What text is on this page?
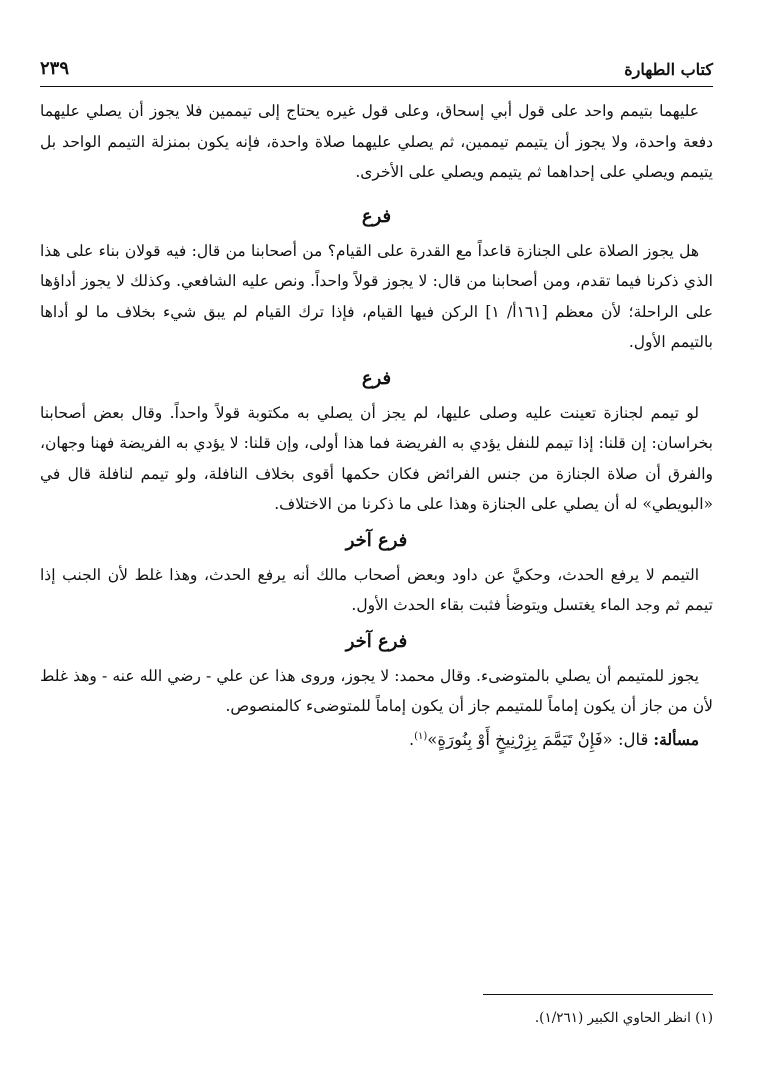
كتاب الطهارة
٢٣٩

عليهما بتيمم واحد على قول أبي إسحاق، وعلى قول غيره يحتاج إلى تيممين فلا يجوز أن يصلي عليهما دفعة واحدة، ولا يجوز أن يتيمم تيممين، ثم يصلي عليهما صلاة واحدة، فإنه يكون بمنزلة التيمم الواحد بل يتيمم ويصلي على إحداهما ثم يتيمم ويصلي على الأخرى.

فرع

هل يجوز الصلاة على الجنازة قاعداً مع القدرة على القيام؟ من أصحابنا من قال: فيه قولان بناء على هذا الذي ذكرنا فيما تقدم، ومن أصحابنا من قال: لا يجوز قولاً واحداً. ونص عليه الشافعي. وكذلك لا يجوز أداؤها على الراحلة؛ لأن معظم [١٦١أ/ ١] الركن فيها القيام، فإذا ترك القيام لم يبق شيء بخلاف ما لو أداها بالتيمم الأول.

فرع

لو تيمم لجنازة تعينت عليه وصلى عليها، لم يجز أن يصلي به مكتوبة قولاً واحداً. وقال بعض أصحابنا بخراسان: إن قلنا: إذا تيمم للنفل يؤدي به الفريضة فما هذا أولى، وإن قلنا: لا يؤدي به الفريضة فهنا وجهان، والفرق أن صلاة الجنازة من جنس الفرائض فكان حكمها أقوى بخلاف النافلة، ولو تيمم لنافلة قال في «البويطي» له أن يصلي على الجنازة وهذا على ما ذكرنا من الاختلاف.

فرع آخر

التيمم لا يرفع الحدث، وحكيَّ عن داود وبعض أصحاب مالك أنه يرفع الحدث، وهذا غلط لأن الجنب إذا تيمم ثم وجد الماء يغتسل ويتوضأ فثبت بقاء الحدث الأول.

فرع آخر

يجوز للمتيمم أن يصلي بالمتوضىء. وقال محمد: لا يجوز، وروى هذا عن علي - رضي الله عنه - وهذ غلط لأن من جاز أن يكون إماماً للمتيمم جاز أن يكون إماماً للمتوضىء كالمنصوص.

مسألة: قال: «فَإِنْ تَيَمَّمَ بِزِرْنِيخٍ أَوْ بِنُورَةٍ»$^{(١)}$.

(١) انظر الحاوي الكبير (١/٢٦١).
